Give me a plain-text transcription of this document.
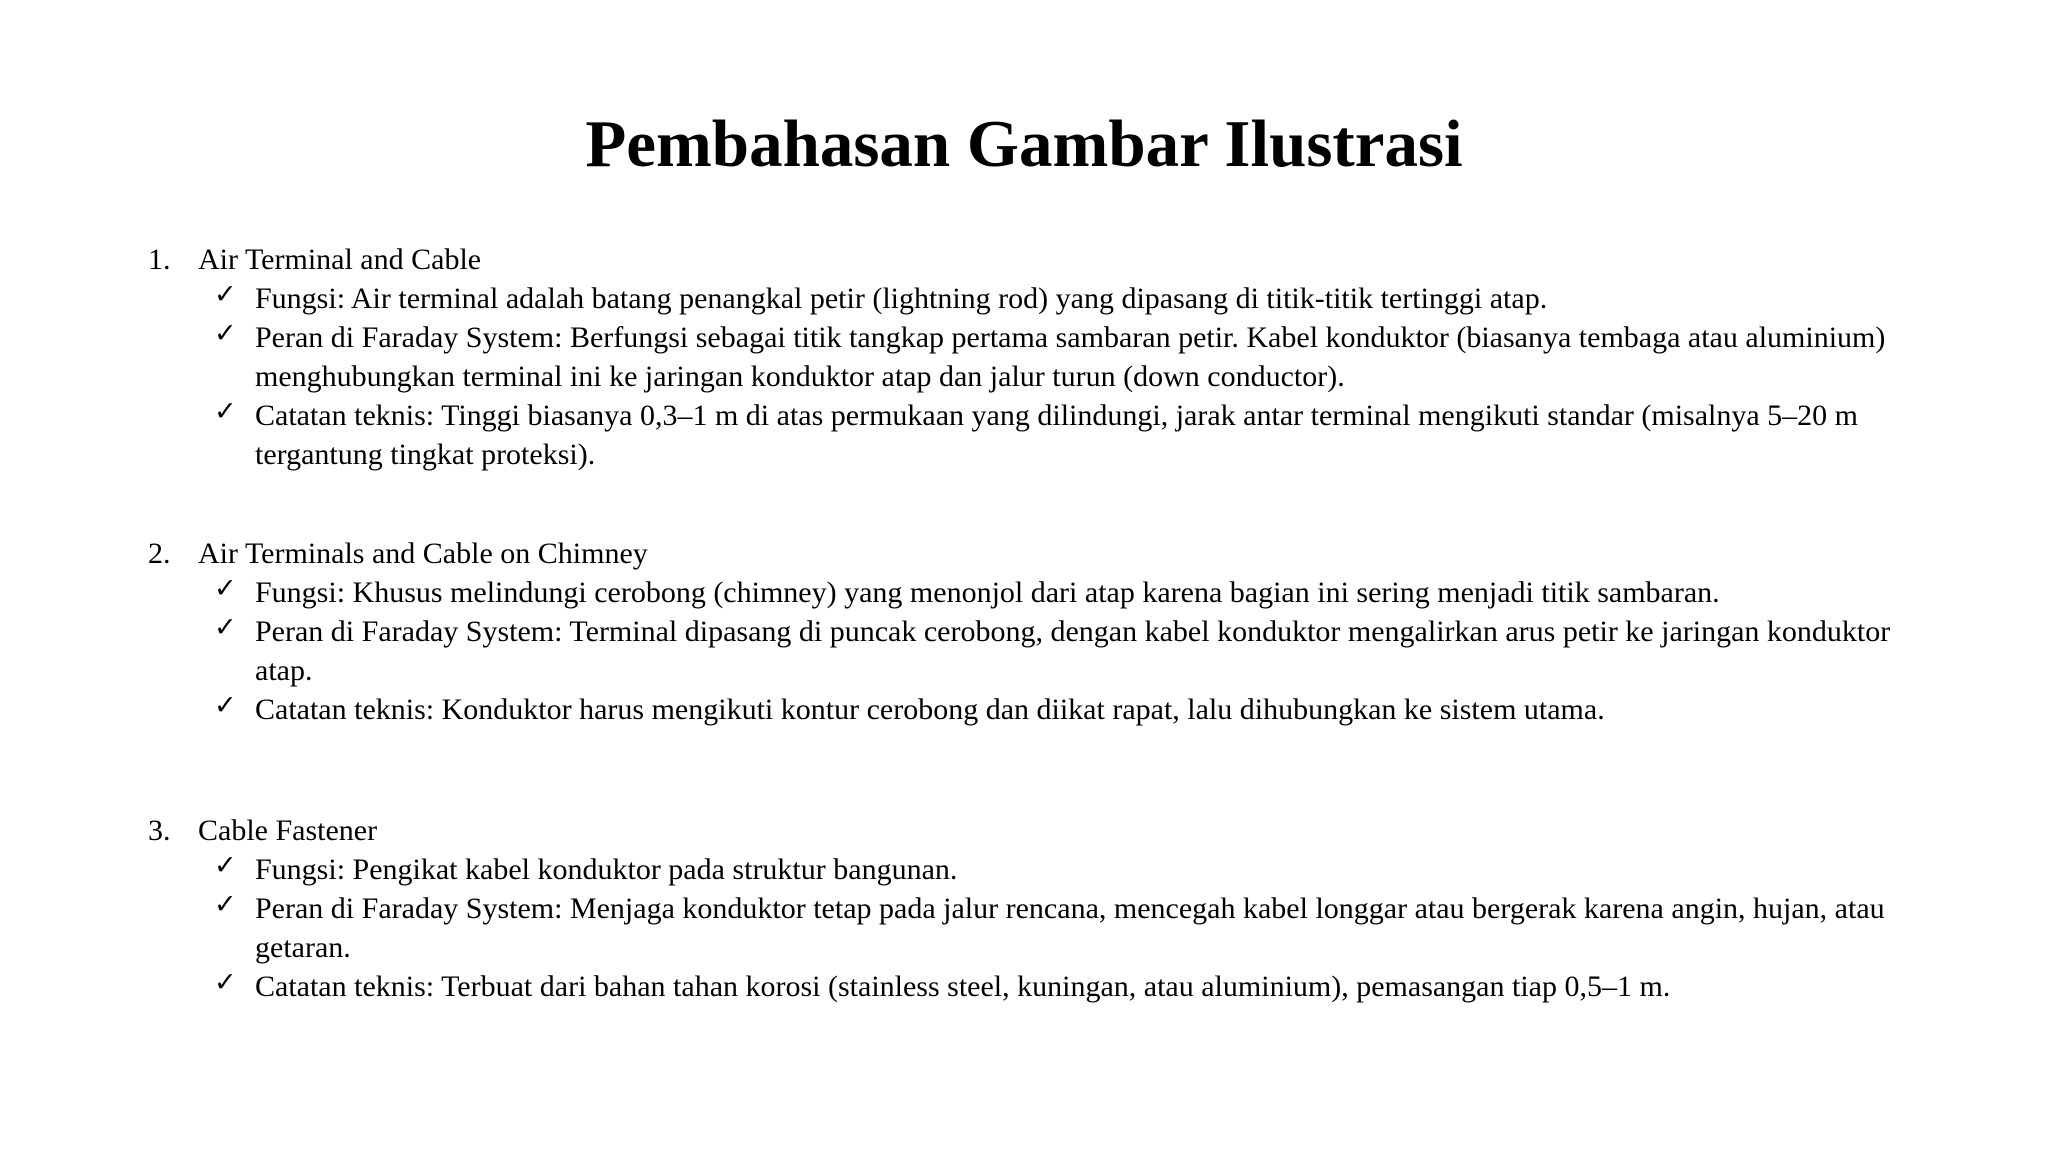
Pembahasan Gambar Ilustrasi
1. Air Terminal and Cable
✓ Fungsi: Air terminal adalah batang penangkal petir (lightning rod) yang dipasang di titik-titik tertinggi atap.
✓ Peran di Faraday System: Berfungsi sebagai titik tangkap pertama sambaran petir. Kabel konduktor (biasanya tembaga atau aluminium) menghubungkan terminal ini ke jaringan konduktor atap dan jalur turun (down conductor).
✓ Catatan teknis: Tinggi biasanya 0,3–1 m di atas permukaan yang dilindungi, jarak antar terminal mengikuti standar (misalnya 5–20 m tergantung tingkat proteksi).
2. Air Terminals and Cable on Chimney
✓ Fungsi: Khusus melindungi cerobong (chimney) yang menonjol dari atap karena bagian ini sering menjadi titik sambaran.
✓ Peran di Faraday System: Terminal dipasang di puncak cerobong, dengan kabel konduktor mengalirkan arus petir ke jaringan konduktor atap.
✓ Catatan teknis: Konduktor harus mengikuti kontur cerobong dan diikat rapat, lalu dihubungkan ke sistem utama.
3. Cable Fastener
✓ Fungsi: Pengikat kabel konduktor pada struktur bangunan.
✓ Peran di Faraday System: Menjaga konduktor tetap pada jalur rencana, mencegah kabel longgar atau bergerak karena angin, hujan, atau getaran.
✓ Catatan teknis: Terbuat dari bahan tahan korosi (stainless steel, kuningan, atau aluminium), pemasangan tiap 0,5–1 m.
